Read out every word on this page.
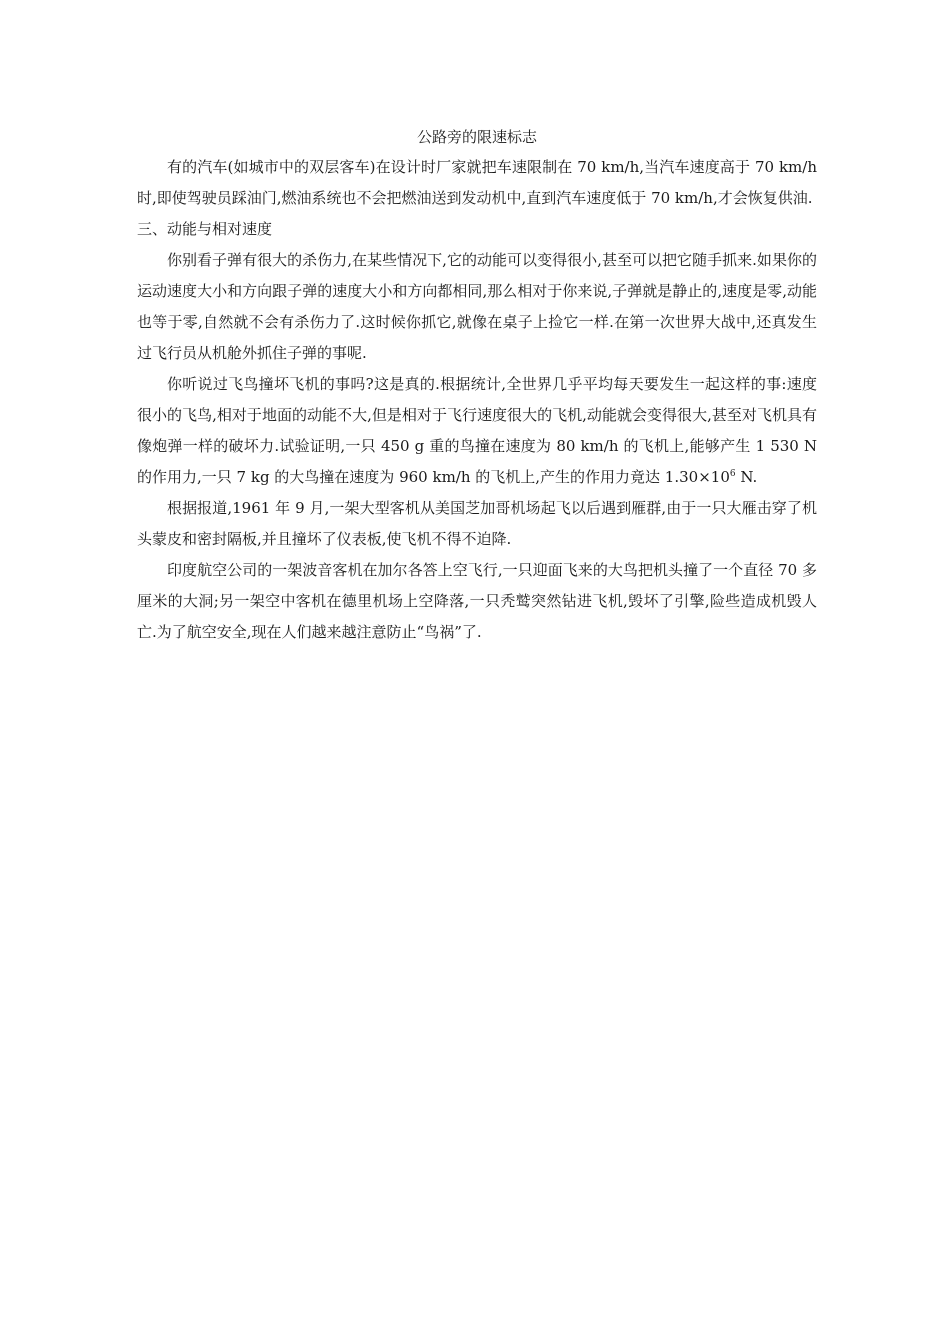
公路旁的限速标志

有的汽车(如城市中的双层客车)在设计时厂家就把车速限制在 70 km/h,当汽车速度高于 70 km/h 时,即使驾驶员踩油门,燃油系统也不会把燃油送到发动机中,直到汽车速度低于 70 km/h,才会恢复供油.

三、动能与相对速度

你别看子弹有很大的杀伤力,在某些情况下,它的动能可以变得很小,甚至可以把它随手抓来.如果你的运动速度大小和方向跟子弹的速度大小和方向都相同,那么相对于你来说,子弹就是静止的,速度是零,动能也等于零,自然就不会有杀伤力了.这时候你抓它,就像在桌子上捡它一样.在第一次世界大战中,还真发生过飞行员从机舱外抓住子弹的事呢.

你听说过飞鸟撞坏飞机的事吗?这是真的.根据统计,全世界几乎平均每天要发生一起这样的事:速度很小的飞鸟,相对于地面的动能不大,但是相对于飞行速度很大的飞机,动能就会变得很大,甚至对飞机具有像炮弹一样的破坏力.试验证明,一只 450 g 重的鸟撞在速度为 80 km/h 的飞机上,能够产生 1 530 N 的作用力,一只 7 kg 的大鸟撞在速度为 960 km/h 的飞机上,产生的作用力竟达 $1.30\times 10^6$ N.

根据报道,1961 年 9 月,一架大型客机从美国芝加哥机场起飞以后遇到雁群,由于一只大雁击穿了机头蒙皮和密封隔板,并且撞坏了仪表板,使飞机不得不迫降.

印度航空公司的一架波音客机在加尔各答上空飞行,一只迎面飞来的大鸟把机头撞了一个直径 70 多厘米的大洞;另一架空中客机在德里机场上空降落,一只秃鹫突然钻进飞机,毁坏了引擎,险些造成机毁人亡.为了航空安全,现在人们越来越注意防止“鸟祸”了.
